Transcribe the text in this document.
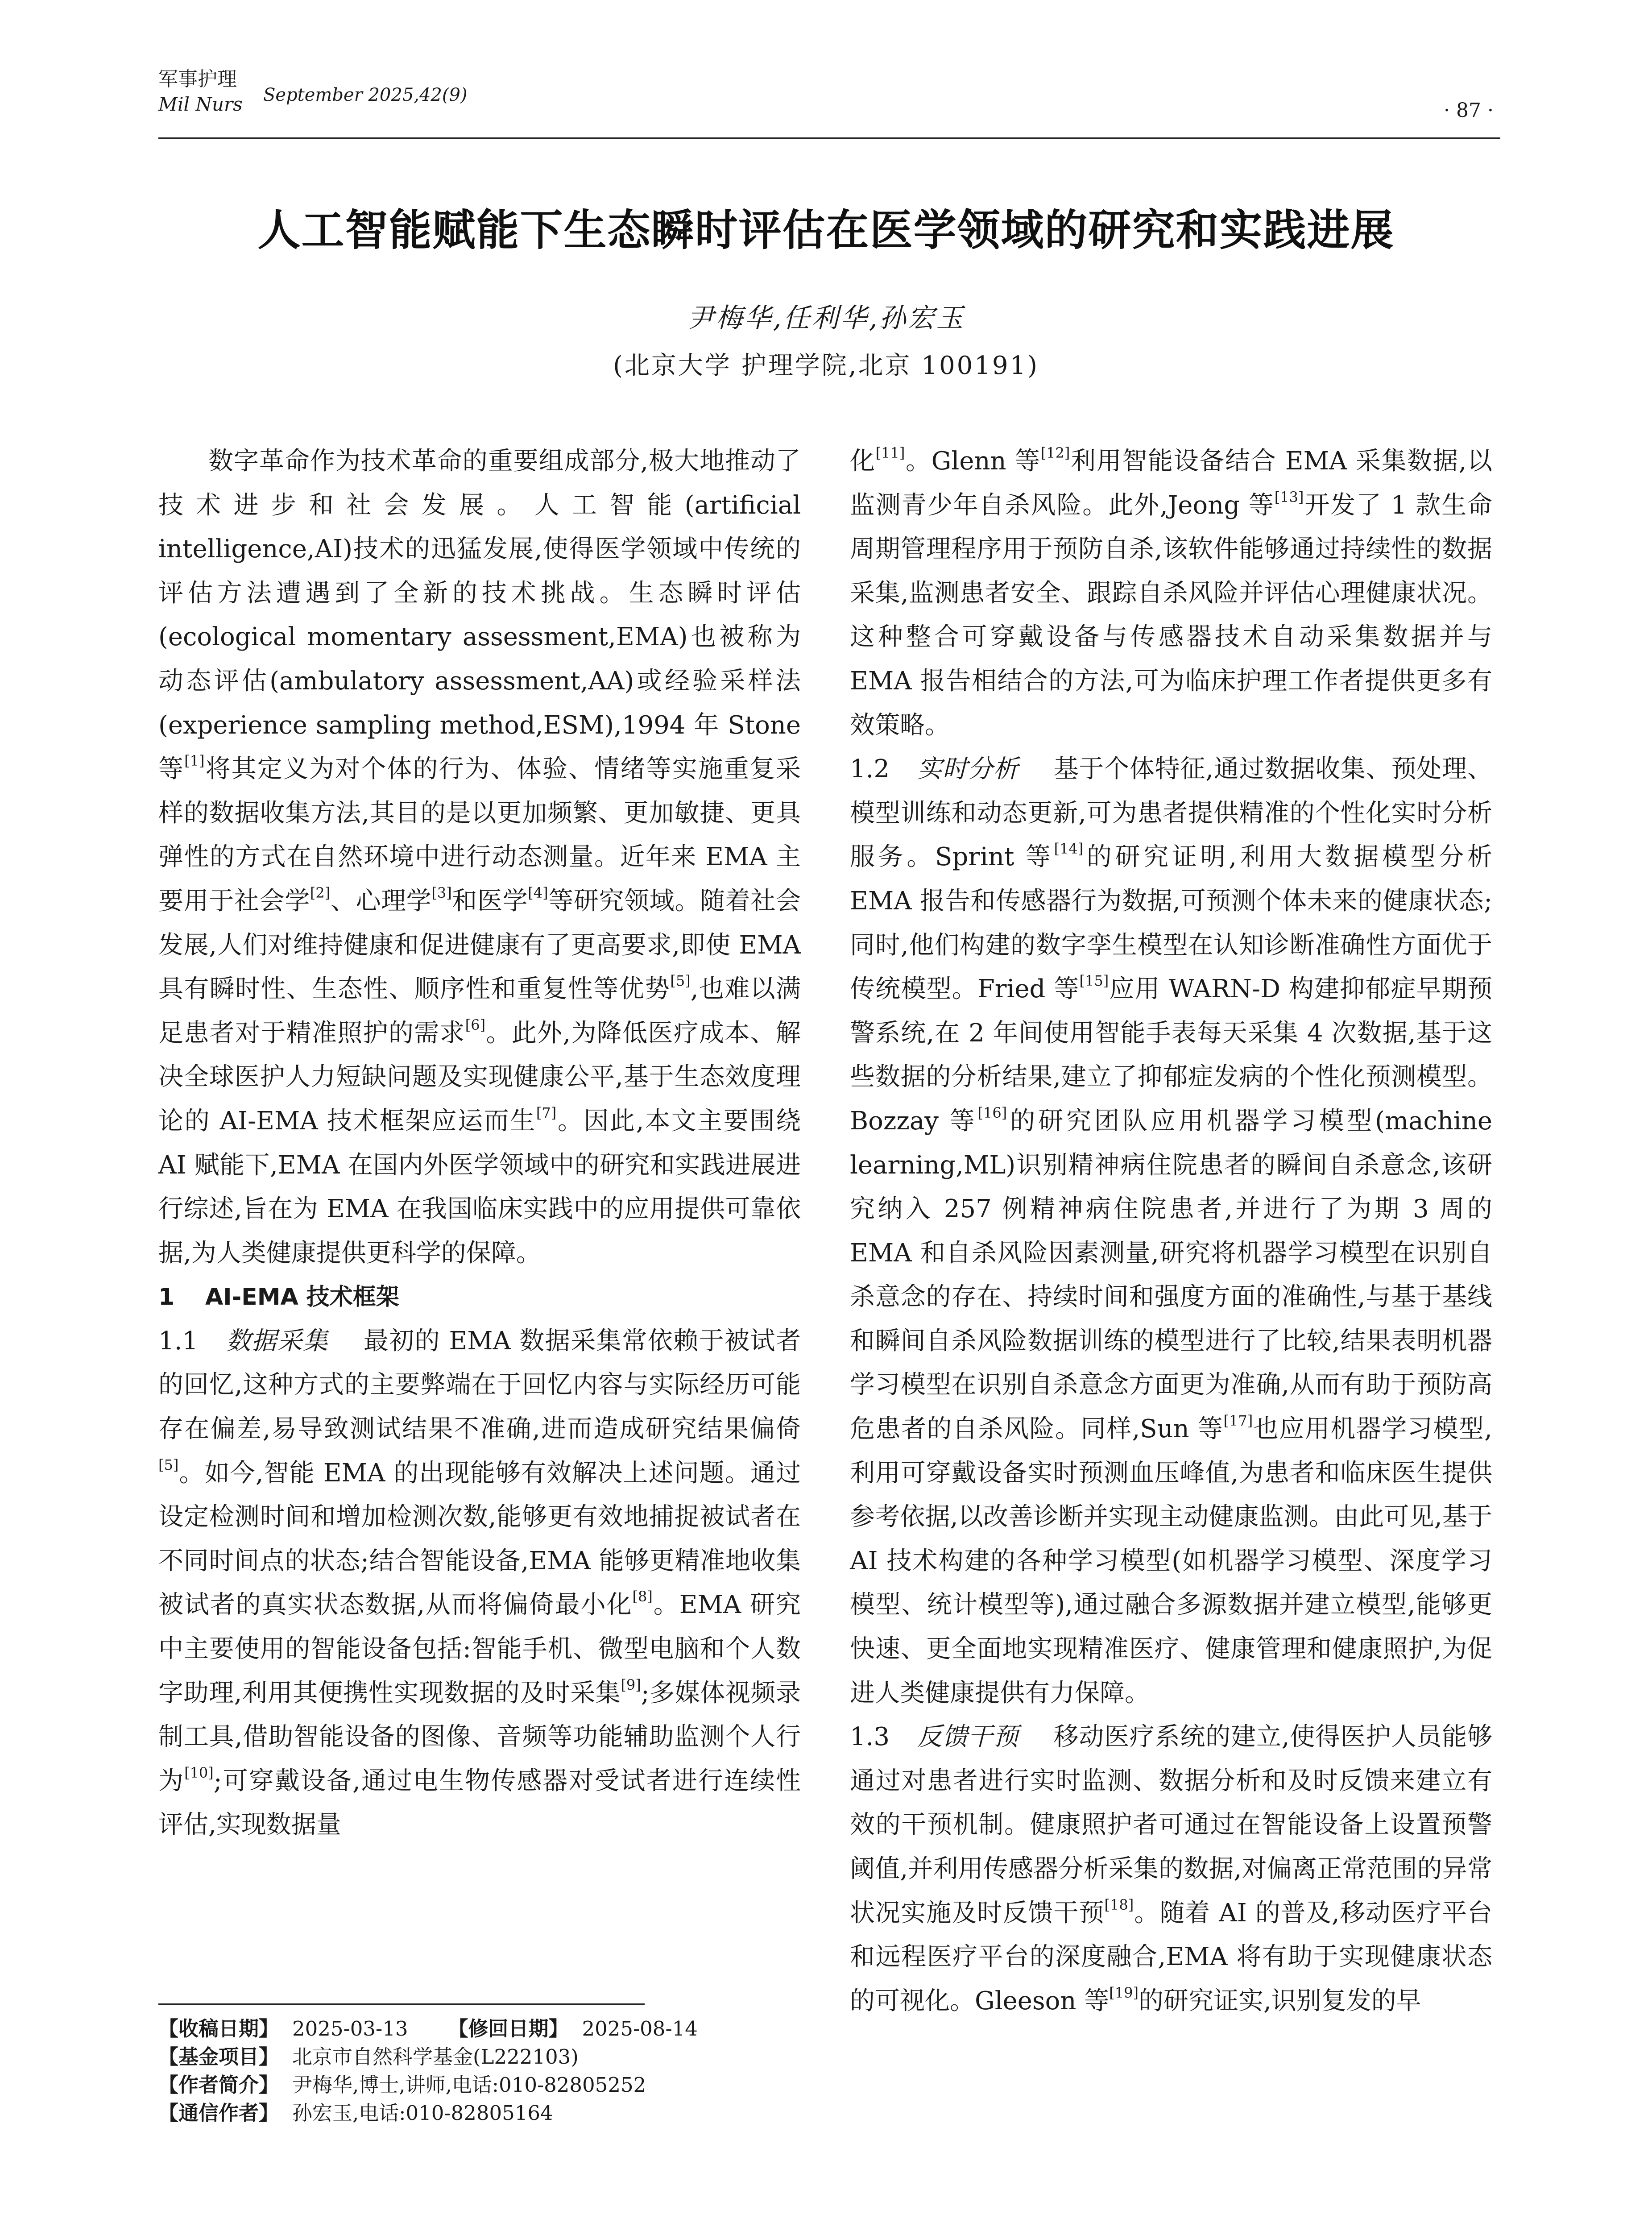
军事护理
Mil Nurs September 2025,42(9)
· 87 ·
人工智能赋能下生态瞬时评估在医学领域的研究和实践进展
尹梅华,任利华,孙宏玉
(北京大学 护理学院,北京 100191)

数字革命作为技术革命的重要组成部分,极大地推动了技术进步和社会发展。人工智能(artificial intelligence,AI)技术的迅猛发展,使得医学领域中传统的评估方法遭遇到了全新的技术挑战。生态瞬时评估(ecological momentary assessment,EMA)也被称为动态评估(ambulatory assessment,AA)或经验采样法(experience sampling method,ESM),1994 年 Stone 等[1]将其定义为对个体的行为、体验、情绪等实施重复采样的数据收集方法,其目的是以更加频繁、更加敏捷、更具弹性的方式在自然环境中进行动态测量。近年来 EMA 主要用于社会学[2]、心理学[3]和医学[4]等研究领域。随着社会发展,人们对维持健康和促进健康有了更高要求,即使 EMA 具有瞬时性、生态性、顺序性和重复性等优势[5],也难以满足患者对于精准照护的需求[6]。此外,为降低医疗成本、解决全球医护人力短缺问题及实现健康公平,基于生态效度理论的 AI-EMA 技术框架应运而生[7]。因此,本文主要围绕 AI 赋能下,EMA 在国内外医学领域中的研究和实践进展进行综述,旨在为 EMA 在我国临床实践中的应用提供可靠依据,为人类健康提供更科学的保障。

1 AI-EMA 技术框架

1.1 数据采集 最初的 EMA 数据采集常依赖于被试者的回忆,这种方式的主要弊端在于回忆内容与实际经历可能存在偏差,易导致测试结果不准确,进而造成研究结果偏倚[5]。如今,智能 EMA 的出现能够有效解决上述问题。通过设定检测时间和增加检测次数,能够更有效地捕捉被试者在不同时间点的状态;结合智能设备,EMA 能够更精准地收集被试者的真实状态数据,从而将偏倚最小化[8]。EMA 研究中主要使用的智能设备包括:智能手机、微型电脑和个人数字助理,利用其便携性实现数据的及时采集[9];多媒体视频录制工具,借助智能设备的图像、音频等功能辅助监测个人行为[10];可穿戴设备,通过电生物传感器对受试者进行连续性评估,实现数据量

化[11]。Glenn 等[12]利用智能设备结合 EMA 采集数据,以监测青少年自杀风险。此外,Jeong 等[13]开发了 1 款生命周期管理程序用于预防自杀,该软件能够通过持续性的数据采集,监测患者安全、跟踪自杀风险并评估心理健康状况。这种整合可穿戴设备与传感器技术自动采集数据并与 EMA 报告相结合的方法,可为临床护理工作者提供更多有效策略。

1.2 实时分析 基于个体特征,通过数据收集、预处理、模型训练和动态更新,可为患者提供精准的个性化实时分析服务。Sprint 等[14]的研究证明,利用大数据模型分析 EMA 报告和传感器行为数据,可预测个体未来的健康状态;同时,他们构建的数字孪生模型在认知诊断准确性方面优于传统模型。Fried 等[15]应用 WARN-D 构建抑郁症早期预警系统,在 2 年间使用智能手表每天采集 4 次数据,基于这些数据的分析结果,建立了抑郁症发病的个性化预测模型。Bozzay 等[16]的研究团队应用机器学习模型(machine learning,ML)识别精神病住院患者的瞬间自杀意念,该研究纳入 257 例精神病住院患者,并进行了为期 3 周的 EMA 和自杀风险因素测量,研究将机器学习模型在识别自杀意念的存在、持续时间和强度方面的准确性,与基于基线和瞬间自杀风险数据训练的模型进行了比较,结果表明机器学习模型在识别自杀意念方面更为准确,从而有助于预防高危患者的自杀风险。同样,Sun 等[17]也应用机器学习模型,利用可穿戴设备实时预测血压峰值,为患者和临床医生提供参考依据,以改善诊断并实现主动健康监测。由此可见,基于 AI 技术构建的各种学习模型(如机器学习模型、深度学习模型、统计模型等),通过融合多源数据并建立模型,能够更快速、更全面地实现精准医疗、健康管理和健康照护,为促进人类健康提供有力保障。

1.3 反馈干预 移动医疗系统的建立,使得医护人员能够通过对患者进行实时监测、数据分析和及时反馈来建立有效的干预机制。健康照护者可通过在智能设备上设置预警阈值,并利用传感器分析采集的数据,对偏离正常范围的异常状况实施及时反馈干预[18]。随着 AI 的普及,移动医疗平台和远程医疗平台的深度融合,EMA 将有助于实现健康状态的可视化。Gleeson 等[19]的研究证实,识别复发的早

【收稿日期】 2025-03-13 【修回日期】 2025-08-14
【基金项目】 北京市自然科学基金(L222103)
【作者简介】 尹梅华,博士,讲师,电话:010-82805252
【通信作者】 孙宏玉,电话:010-82805164
